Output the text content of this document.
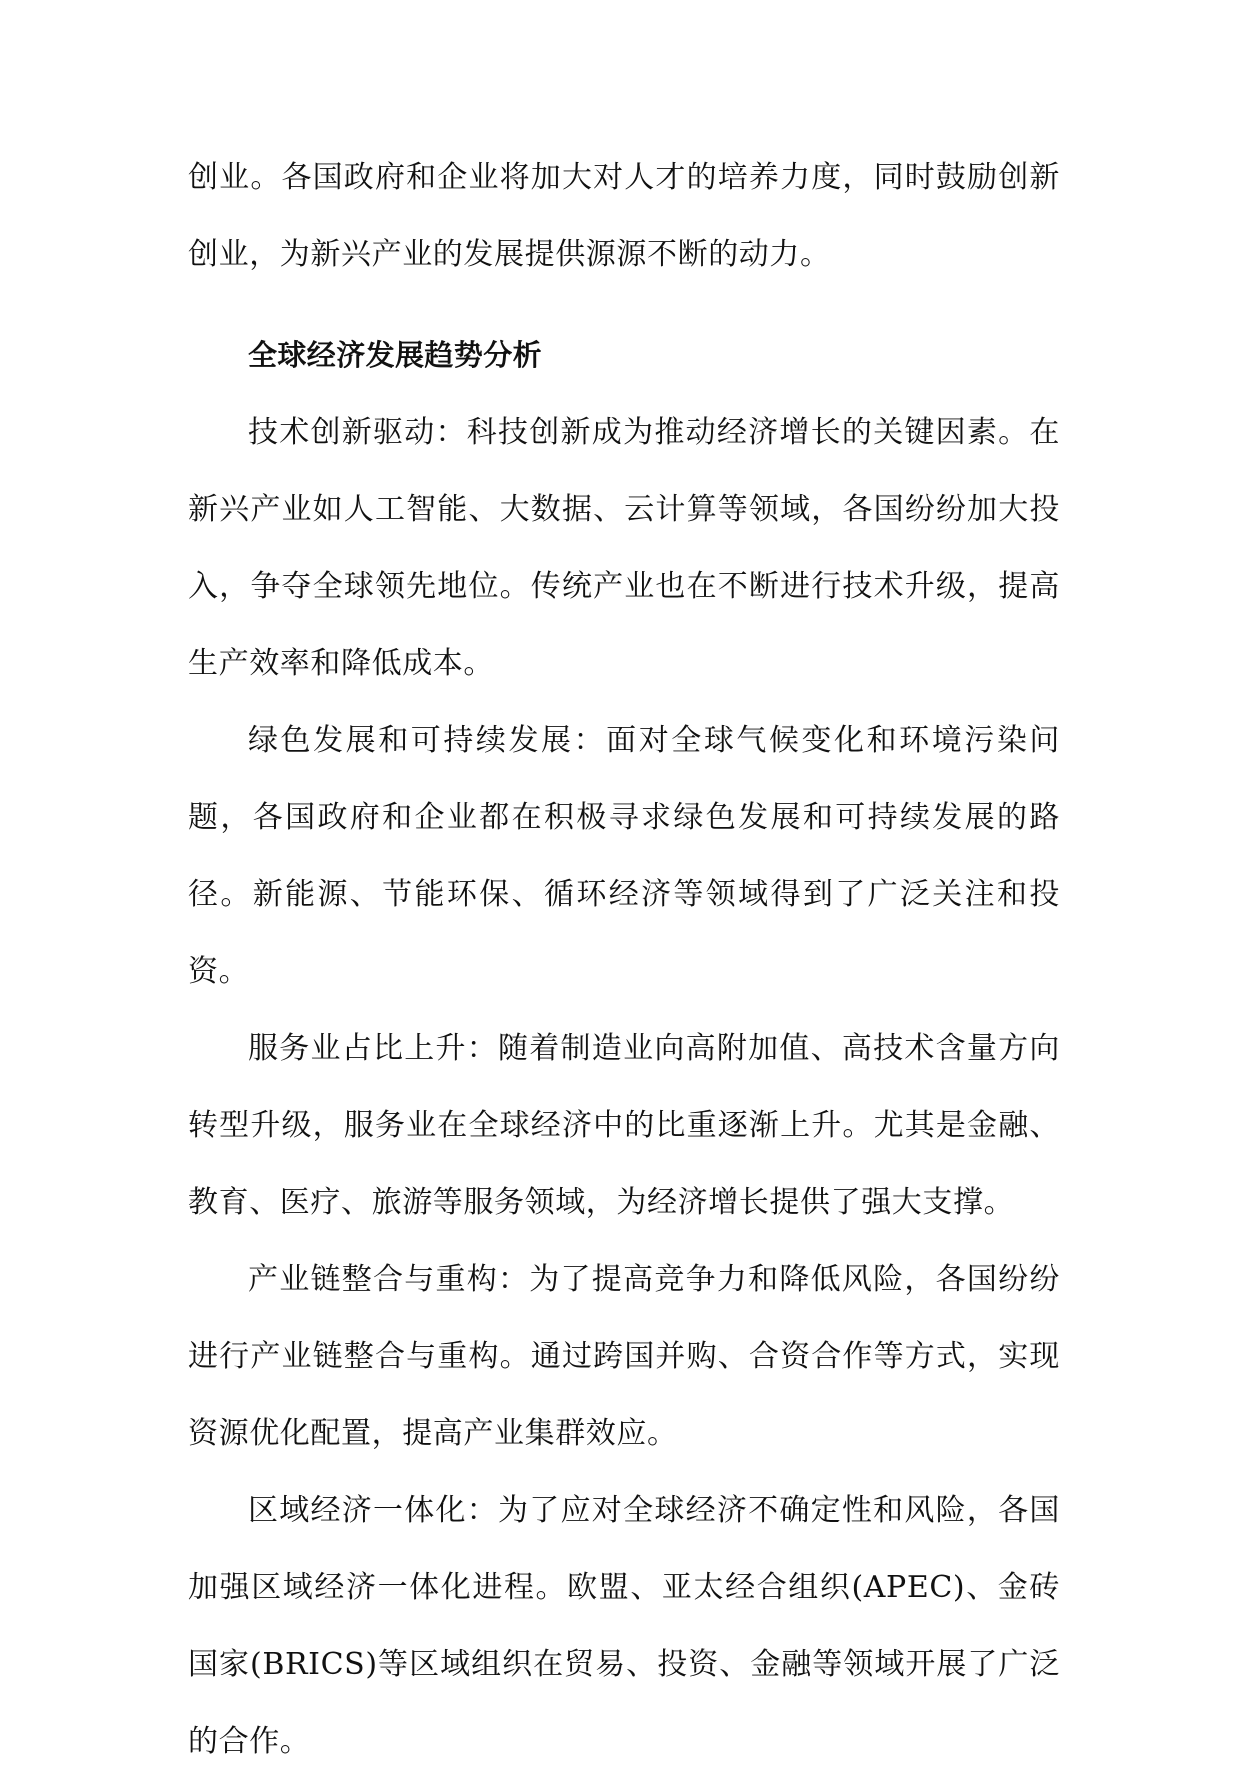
创业。各国政府和企业将加大对人才的培养力度，同时鼓励创新创业，为新兴产业的发展提供源源不断的动力。

全球经济发展趋势分析

技术创新驱动：科技创新成为推动经济增长的关键因素。在新兴产业如人工智能、大数据、云计算等领域，各国纷纷加大投入，争夺全球领先地位。传统产业也在不断进行技术升级，提高生产效率和降低成本。

绿色发展和可持续发展：面对全球气候变化和环境污染问题，各国政府和企业都在积极寻求绿色发展和可持续发展的路径。新能源、节能环保、循环经济等领域得到了广泛关注和投资。

服务业占比上升：随着制造业向高附加值、高技术含量方向转型升级，服务业在全球经济中的比重逐渐上升。尤其是金融、教育、医疗、旅游等服务领域，为经济增长提供了强大支撑。

产业链整合与重构：为了提高竞争力和降低风险，各国纷纷进行产业链整合与重构。通过跨国并购、合资合作等方式，实现资源优化配置，提高产业集群效应。

区域经济一体化：为了应对全球经济不确定性和风险，各国加强区域经济一体化进程。欧盟、亚太经合组织(APEC)、金砖国家(BRICS)等区域组织在贸易、投资、金融等领域开展了广泛的合作。
